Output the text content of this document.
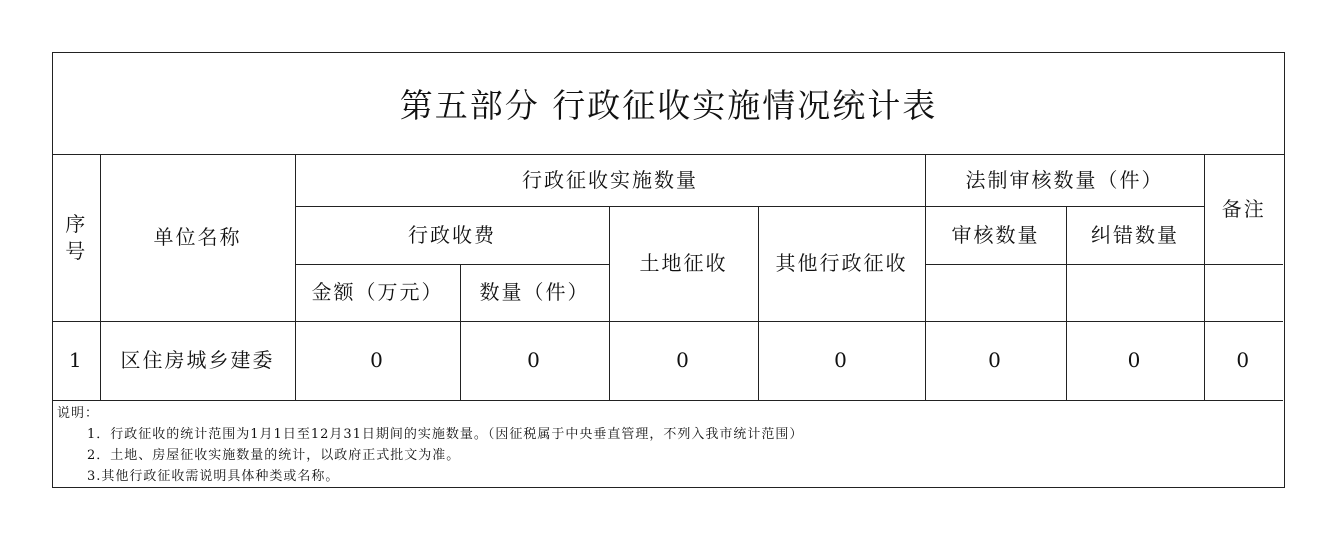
第五部分 行政征收实施情况统计表
序
号	单位名称	行政征收实施数量				法制审核数量（件）		备注
		行政收费		土地征收	其他行政征收	审核数量	纠错数量	
		金额（万元）	数量（件）					
1	区住房城乡建委	0	0	0	0	0	0	0
说明：
1．行政征收的统计范围为1月1日至12月31日期间的实施数量。（因征税属于中央垂直管理，不列入我市统计范围）
2．土地、房屋征收实施数量的统计，以政府正式批文为准。
3.其他行政征收需说明具体种类或名称。
